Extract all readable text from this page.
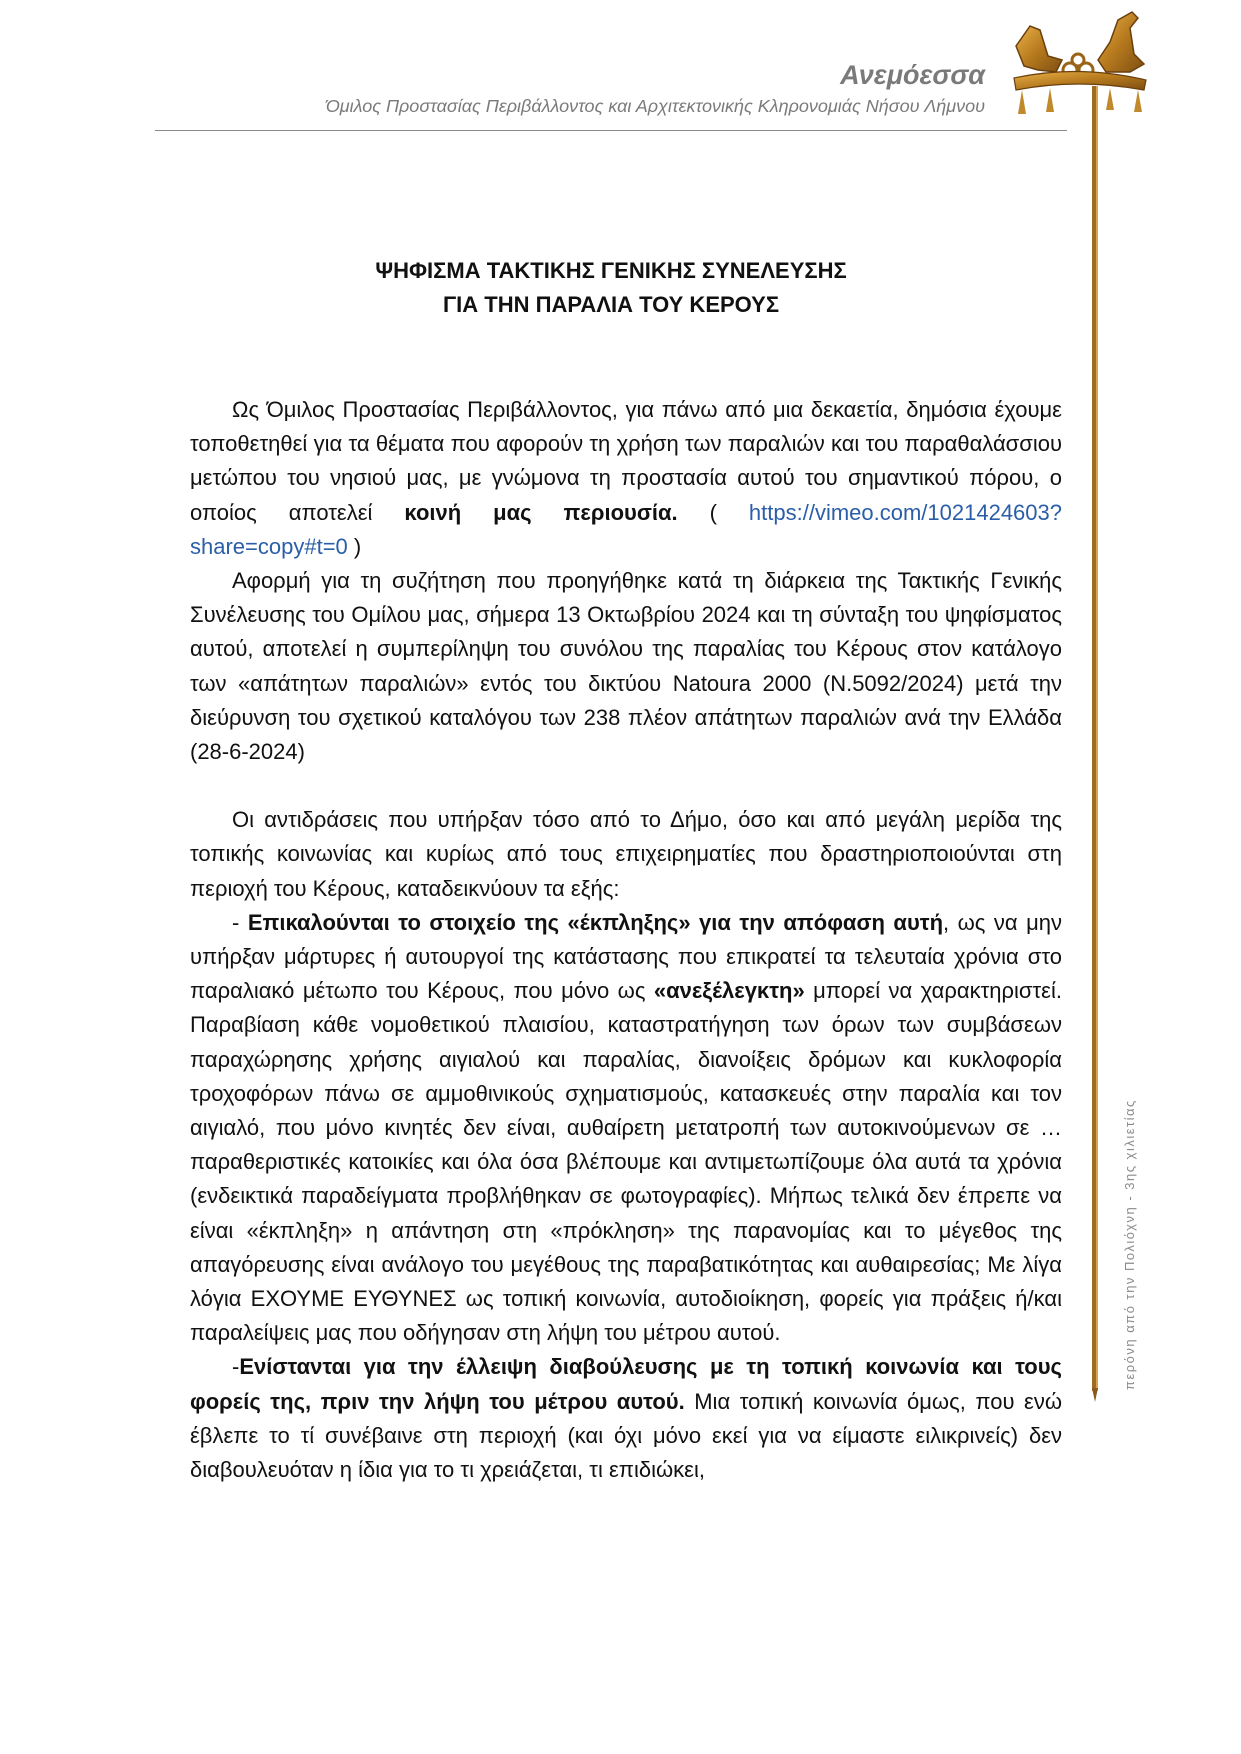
Ανεμόεσσα
Όμιλος Προστασίας Περιβάλλοντος και Αρχιτεκτονικής Κληρονομιάς Νήσου Λήμνου
περόνη από την Πολιόχνη - 3ης χιλιετίας
ΨΗΦΙΣΜΑ ΤΑΚΤΙΚΗΣ ΓΕΝΙΚΗΣ ΣΥΝΕΛΕΥΣΗΣ
ΓΙΑ ΤΗΝ ΠΑΡΑΛΙΑ ΤΟΥ ΚΕΡΟΥΣ

Ως Όμιλος Προστασίας Περιβάλλοντος, για πάνω από μια δεκαετία, δημόσια έχουμε τοποθετηθεί για τα θέματα που αφορούν τη χρήση των παραλιών και του παραθαλάσσιου μετώπου του νησιού μας, με γνώμονα τη προστασία αυτού του σημαντικού πόρου, ο οποίος αποτελεί κοινή μας περιουσία. ( https://vimeo.com/1021424603?share=copy#t=0 )

Αφορμή για τη συζήτηση που προηγήθηκε κατά τη διάρκεια της Τακτικής Γενικής Συνέλευσης του Ομίλου μας, σήμερα 13 Οκτωβρίου 2024 και τη σύνταξη του ψηφίσματος αυτού, αποτελεί η συμπερίληψη του συνόλου της παραλίας του Κέρους στον κατάλογο των «απάτητων παραλιών» εντός του δικτύου Natoura 2000 (Ν.5092/2024) μετά την διεύρυνση του σχετικού καταλόγου των 238 πλέον απάτητων παραλιών ανά την Ελλάδα (28-6-2024)

Οι αντιδράσεις που υπήρξαν τόσο από το Δήμο, όσο και από μεγάλη μερίδα της τοπικής κοινωνίας και κυρίως από τους επιχειρηματίες που δραστηριοποιούνται στη περιοχή του Κέρους, καταδεικνύουν τα εξής:

- Επικαλούνται το στοιχείο της «έκπληξης» για την απόφαση αυτή, ως να μην υπήρξαν μάρτυρες ή αυτουργοί της κατάστασης που επικρατεί τα τελευταία χρόνια στο παραλιακό μέτωπο του Κέρους, που μόνο ως «ανεξέλεγκτη» μπορεί να χαρακτηριστεί. Παραβίαση κάθε νομοθετικού πλαισίου, καταστρατήγηση των όρων των συμβάσεων παραχώρησης χρήσης αιγιαλού και παραλίας, διανοίξεις δρόμων και κυκλοφορία τροχοφόρων πάνω σε αμμοθινικούς σχηματισμούς, κατασκευές στην παραλία και τον αιγιαλό, που μόνο κινητές δεν είναι, αυθαίρετη μετατροπή των αυτοκινούμενων σε … παραθεριστικές κατοικίες και όλα όσα βλέπουμε και αντιμετωπίζουμε όλα αυτά τα χρόνια (ενδεικτικά παραδείγματα προβλήθηκαν σε φωτογραφίες). Μήπως τελικά δεν έπρεπε να είναι «έκπληξη» η απάντηση στη «πρόκληση» της παρανομίας και το μέγεθος της απαγόρευσης είναι ανάλογο του μεγέθους της παραβατικότητας και αυθαιρεσίας; Με λίγα λόγια ΕΧΟΥΜΕ ΕΥΘΥΝΕΣ ως τοπική κοινωνία, αυτοδιοίκηση, φορείς για πράξεις ή/και παραλείψεις μας που οδήγησαν στη λήψη του μέτρου αυτού.

-Ενίστανται για την έλλειψη διαβούλευσης με τη τοπική κοινωνία και τους φορείς της, πριν την λήψη του μέτρου αυτού. Μια τοπική κοινωνία όμως, που ενώ έβλεπε το τί συνέβαινε στη περιοχή (και όχι μόνο εκεί για να είμαστε ειλικρινείς) δεν διαβουλευόταν η ίδια για το τι χρειάζεται, τι επιδιώκει,
